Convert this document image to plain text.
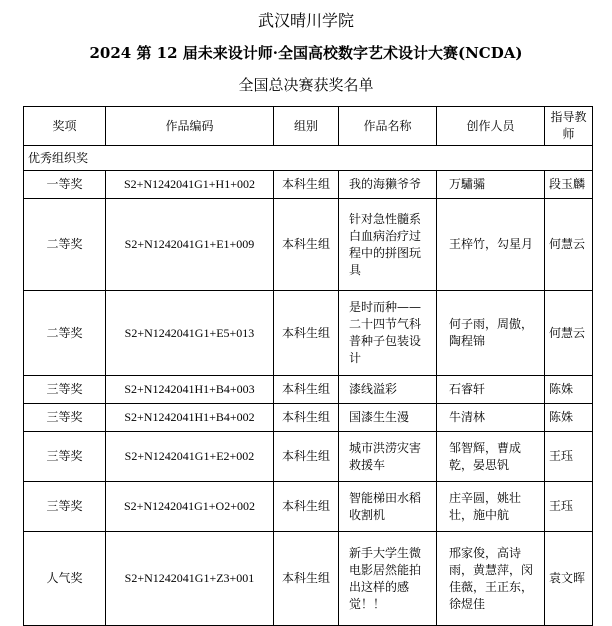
武汉晴川学院
2024 第 12 届未来设计师·全国高校数字艺术设计大赛(NCDA)
全国总决赛获奖名单
奖项	作品编码	组别	作品名称	创作人员	指导教师
优秀组织奖					
一等奖	S2+N1242041G1+H1+002	本科生组	我的海獭爷爷	万驌骦	段玉麟
二等奖	S2+N1242041G1+E1+009	本科生组	针对急性髓系白血病治疗过程中的拼图玩具	王梓竹，勾星月	何慧云
二等奖	S2+N1242041G1+E5+013	本科生组	是时而种——二十四节气科普种子包装设计	何子雨，周傲，陶程锦	何慧云
三等奖	S2+N1242041H1+B4+003	本科生组	漆线溢彩	石睿轩	陈姝
三等奖	S2+N1242041H1+B4+002	本科生组	国漆生生漫	牛清林	陈姝
三等奖	S2+N1242041G1+E2+002	本科生组	城市洪涝灾害救援车	邹智辉，曹成乾，晏思钒	王珏
三等奖	S2+N1242041G1+O2+002	本科生组	智能梯田水稻收割机	庄辛圆，姚壮壮，施中航	王珏
人气奖	S2+N1242041G1+Z3+001	本科生组	新手大学生微电影居然能拍出这样的感觉！！	邢家俊，高诗雨，黄慧萍，闵佳薇，王正东，徐煜佳	袁文晖
